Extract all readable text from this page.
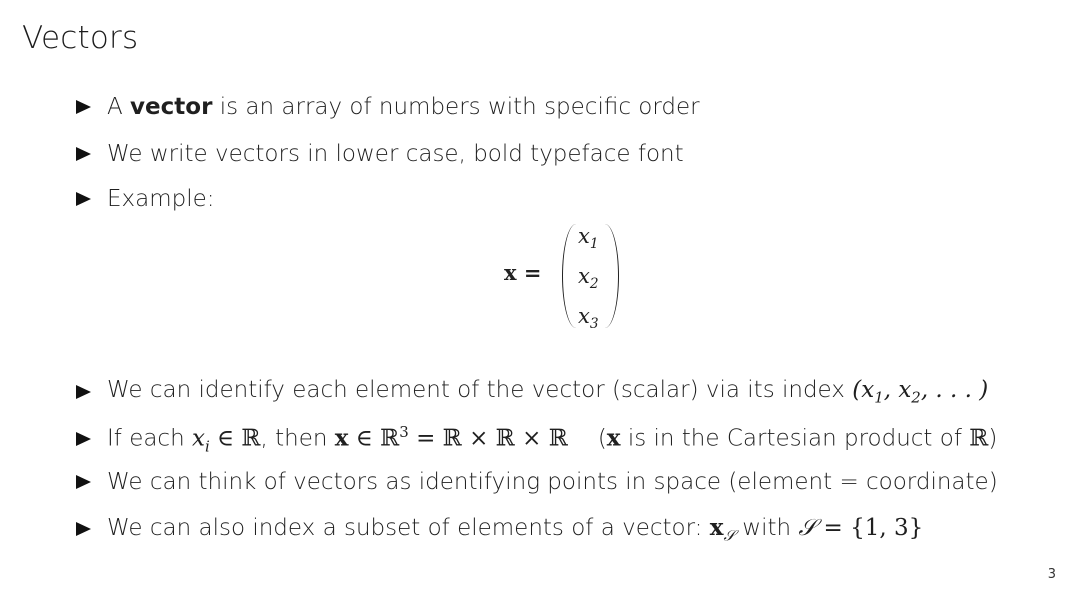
Vectors
A vector is an array of numbers with specific order
We write vectors in lower case, bold typeface font
Example:
x =
$x_1$
$x_2$
$x_3$
We can identify each element of the vector (scalar) via its index ($x_1$, $x_2$, . . . )
If each $x_i$ ∈ ℝ, then x ∈ ℝ$^3$ = ℝ × ℝ × ℝ (x is in the Cartesian product of ℝ)
We can think of vectors as identifying points in space (element = coordinate)
We can also index a subset of elements of a vector: $x_𝒮$ with 𝒮 = {1, 3}
3
